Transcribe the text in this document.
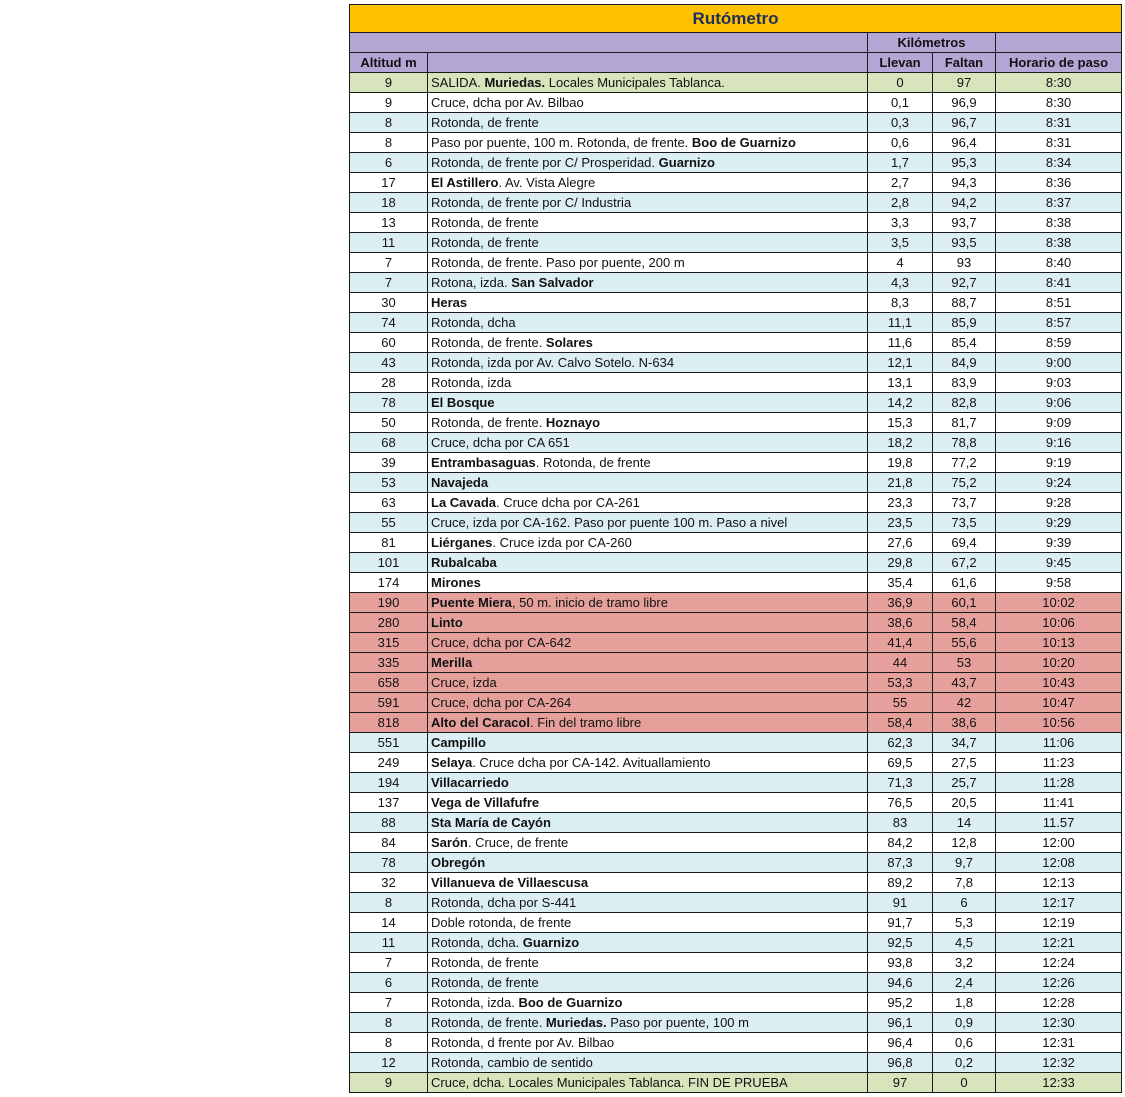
Rutómetro				
		Kilómetros		
Altitud m		Llevan	Faltan	Horario de paso
9	SALIDA. Muriedas. Locales Municipales Tablanca.	0	97	8:30
9	Cruce, dcha por Av. Bilbao	0,1	96,9	8:30
8	Rotonda, de frente	0,3	96,7	8:31
8	Paso por puente, 100 m. Rotonda, de frente. Boo de Guarnizo	0,6	96,4	8:31
6	Rotonda, de frente por C/ Prosperidad. Guarnizo	1,7	95,3	8:34
17	El Astillero. Av. Vista Alegre	2,7	94,3	8:36
18	Rotonda, de frente por C/ Industria	2,8	94,2	8:37
13	Rotonda, de frente	3,3	93,7	8:38
11	Rotonda, de frente	3,5	93,5	8:38
7	Rotonda, de frente. Paso por puente, 200 m	4	93	8:40
7	Rotona, izda. San Salvador	4,3	92,7	8:41
30	Heras	8,3	88,7	8:51
74	Rotonda, dcha	11,1	85,9	8:57
60	Rotonda, de frente. Solares	11,6	85,4	8:59
43	Rotonda, izda por Av. Calvo Sotelo. N-634	12,1	84,9	9:00
28	Rotonda, izda	13,1	83,9	9:03
78	El Bosque	14,2	82,8	9:06
50	Rotonda, de frente. Hoznayo	15,3	81,7	9:09
68	Cruce, dcha por CA 651	18,2	78,8	9:16
39	Entrambasaguas. Rotonda, de frente	19,8	77,2	9:19
53	Navajeda	21,8	75,2	9:24
63	La Cavada. Cruce dcha por CA-261	23,3	73,7	9:28
55	Cruce, izda por CA-162. Paso por puente 100 m. Paso a nivel	23,5	73,5	9:29
81	Liérganes. Cruce izda por CA-260	27,6	69,4	9:39
101	Rubalcaba	29,8	67,2	9:45
174	Mirones	35,4	61,6	9:58
190	Puente Miera, 50 m. inicio de tramo libre	36,9	60,1	10:02
280	Linto	38,6	58,4	10:06
315	Cruce, dcha por CA-642	41,4	55,6	10:13
335	Merilla	44	53	10:20
658	Cruce, izda	53,3	43,7	10:43
591	Cruce, dcha por CA-264	55	42	10:47
818	Alto del Caracol. Fin del tramo libre	58,4	38,6	10:56
551	Campillo	62,3	34,7	11:06
249	Selaya. Cruce dcha por CA-142. Avituallamiento	69,5	27,5	11:23
194	Villacarriedo	71,3	25,7	11:28
137	Vega de Villafufre	76,5	20,5	11:41
88	Sta María de Cayón	83	14	11.57
84	Sarón. Cruce, de frente	84,2	12,8	12:00
78	Obregón	87,3	9,7	12:08
32	Villanueva de Villaescusa	89,2	7,8	12:13
8	Rotonda, dcha por S-441	91	6	12:17
14	Doble rotonda, de frente	91,7	5,3	12:19
11	Rotonda, dcha. Guarnizo	92,5	4,5	12:21
7	Rotonda, de frente	93,8	3,2	12:24
6	Rotonda, de frente	94,6	2,4	12:26
7	Rotonda, izda. Boo de Guarnizo	95,2	1,8	12:28
8	Rotonda, de frente. Muriedas. Paso por puente, 100 m	96,1	0,9	12:30
8	Rotonda, d frente por Av. Bilbao	96,4	0,6	12:31
12	Rotonda, cambio de sentido	96,8	0,2	12:32
9	Cruce, dcha. Locales Municipales Tablanca. FIN DE PRUEBA	97	0	12:33
